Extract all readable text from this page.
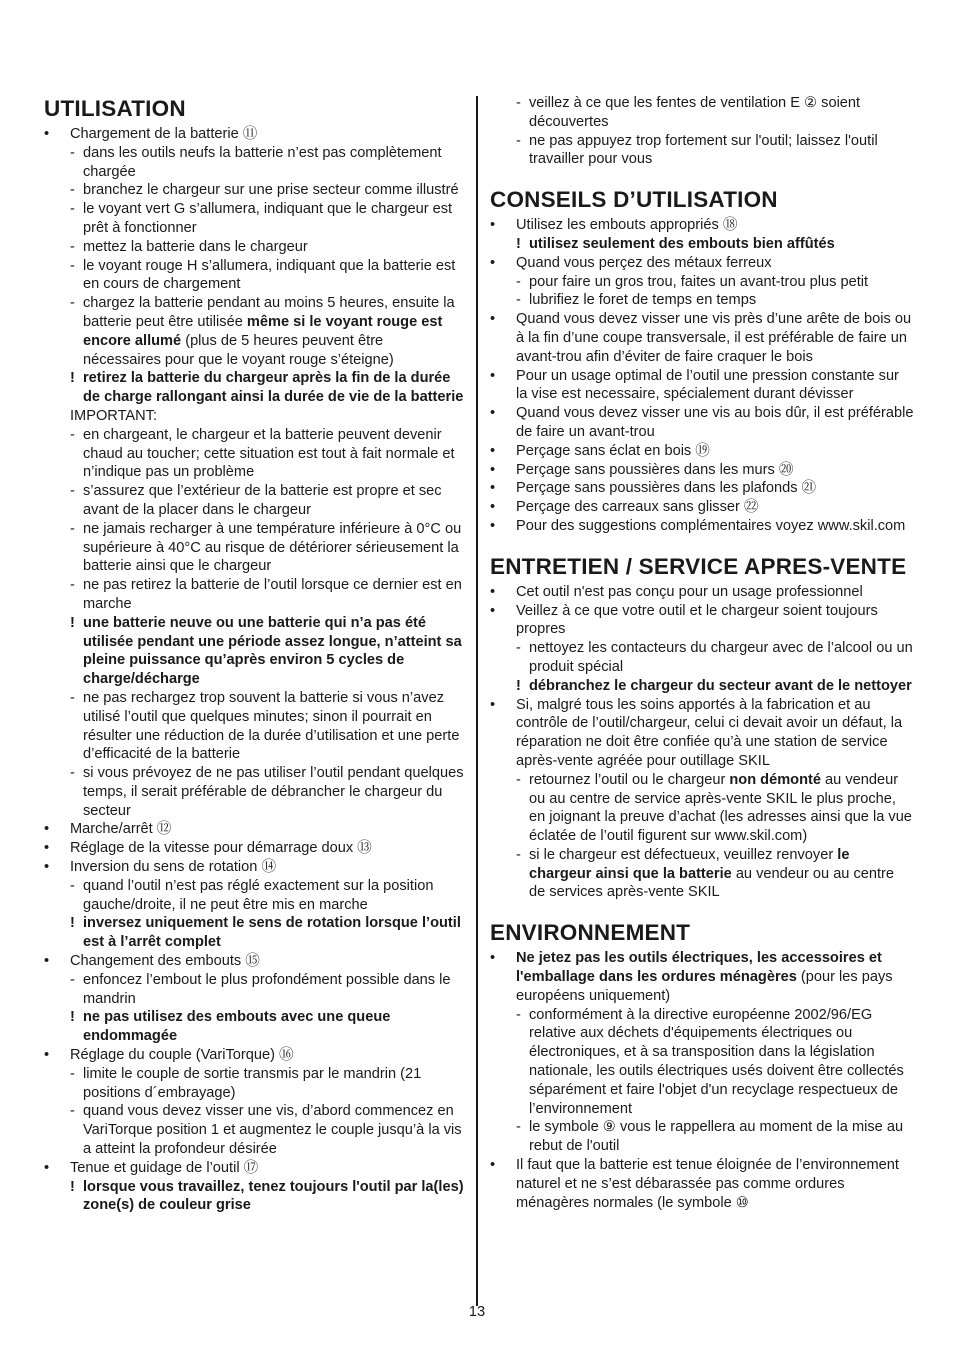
UTILISATION
• Chargement de la batterie ⑪
- dans les outils neufs la batterie n’est pas complètement chargée
- branchez le chargeur sur une prise secteur comme illustré
- le voyant vert G s’allumera, indiquant que le chargeur est prêt à fonctionner
- mettez la batterie dans le chargeur
- le voyant rouge H s’allumera, indiquant que la batterie est en cours de chargement
- chargez la batterie pendant au moins 5 heures, ensuite la batterie peut être utilisée même si le voyant rouge est encore allumé (plus de 5 heures peuvent être nécessaires pour que le voyant rouge s’éteigne)
! retirez la batterie du chargeur après la fin de la durée de charge rallongant ainsi la durée de vie de la batterie
IMPORTANT:
- en chargeant, le chargeur et la batterie peuvent devenir chaud au toucher; cette situation est tout à fait normale et n’indique pas un problème
- s’assurez que l’extérieur de la batterie est propre et sec avant de la placer dans le chargeur
- ne jamais recharger à une température inférieure à 0°C ou supérieure à 40°C au risque de détériorer sérieusement la batterie ainsi que le chargeur
- ne pas retirez la batterie de l’outil lorsque ce dernier est en marche
! une batterie neuve ou une batterie qui n’a pas été utilisée pendant une période assez longue, n’atteint sa pleine puissance qu’après environ 5 cycles de charge/décharge
- ne pas rechargez trop souvent la batterie si vous n’avez utilisé l’outil que quelques minutes; sinon il pourrait en résulter une réduction de la durée d’utilisation et une perte d’efficacité de la batterie
- si vous prévoyez de ne pas utiliser l’outil pendant quelques temps, il serait préférable de débrancher le chargeur du secteur
• Marche/arrêt ⑫
• Réglage de la vitesse pour démarrage doux ⑬
• Inversion du sens de rotation ⑭
- quand l’outil n’est pas réglé exactement sur la position gauche/droite, il ne peut être mis en marche
! inversez uniquement le sens de rotation lorsque l’outil est à l’arrêt complet
• Changement des embouts ⑮
- enfoncez l’embout le plus profondément possible dans le mandrin
! ne pas utilisez des embouts avec une queue endommagée
• Réglage du couple (VariTorque) ⑯
- limite le couple de sortie transmis par le mandrin (21 positions d´embrayage)
- quand vous devez visser une vis, d’abord commencez en VariTorque position 1 et augmentez le couple jusqu’à la vis a atteint la profondeur désirée
• Tenue et guidage de l’outil ⑰
! lorsque vous travaillez, tenez toujours l'outil par la(les) zone(s) de couleur grise
- veillez à ce que les fentes de ventilation E ② soient découvertes
- ne pas appuyez trop fortement sur l'outil; laissez l'outil travailler pour vous
CONSEILS D’UTILISATION
• Utilisez les embouts appropriés ⑱
! utilisez seulement des embouts bien affûtés
• Quand vous perçez des métaux ferreux
- pour faire un gros trou, faites un avant-trou plus petit
- lubrifiez le foret de temps en temps
• Quand vous devez visser une vis près d’une arête de bois ou à la fin d’une coupe transversale, il est préférable de faire un avant-trou afin d’éviter de faire craquer le bois
• Pour un usage optimal de l’outil une pression constante sur la vise est necessaire, spécialement durant dévisser
• Quand vous devez visser une vis au bois dûr, il est préférable de faire un avant-trou
• Perçage sans éclat en bois ⑲
• Perçage sans poussières dans les murs ⑳
• Perçage sans poussières dans les plafonds ㉑
• Perçage des carreaux sans glisser ㉒
• Pour des suggestions complémentaires voyez www.skil.com
ENTRETIEN / SERVICE APRES-VENTE
• Cet outil n'est pas conçu pour un usage professionnel
• Veillez à ce que votre outil et le chargeur soient toujours propres
- nettoyez les contacteurs du chargeur avec de l’alcool ou un produit spécial
! débranchez le chargeur du secteur avant de le nettoyer
• Si, malgré tous les soins apportés à la fabrication et au contrôle de l’outil/chargeur, celui ci devait avoir un défaut, la réparation ne doit être confiée qu’à une station de service après-vente agréée pour outillage SKIL
- retournez l’outil ou le chargeur non démonté au vendeur ou au centre de service après-vente SKIL le plus proche, en joignant la preuve d’achat (les adresses ainsi que la vue éclatée de l’outil figurent sur www.skil.com)
- si le chargeur est défectueux, veuillez renvoyer le chargeur ainsi que la batterie au vendeur ou au centre de services après-vente SKIL
ENVIRONNEMENT
• Ne jetez pas les outils électriques, les accessoires et l'emballage dans les ordures ménagères (pour les pays européens uniquement)
- conformément à la directive européenne 2002/96/EG relative aux déchets d'équipements électriques ou électroniques, et à sa transposition dans la législation nationale, les outils électriques usés doivent être collectés séparément et faire l'objet d'un recyclage respectueux de l’environnement
- le symbole ⑨ vous le rappellera au moment de la mise au rebut de l'outil
• Il faut que la batterie est tenue éloignée de l’environnement naturel et ne s’est débarassée pas comme ordures ménagères normales (le symbole ⑩
13
